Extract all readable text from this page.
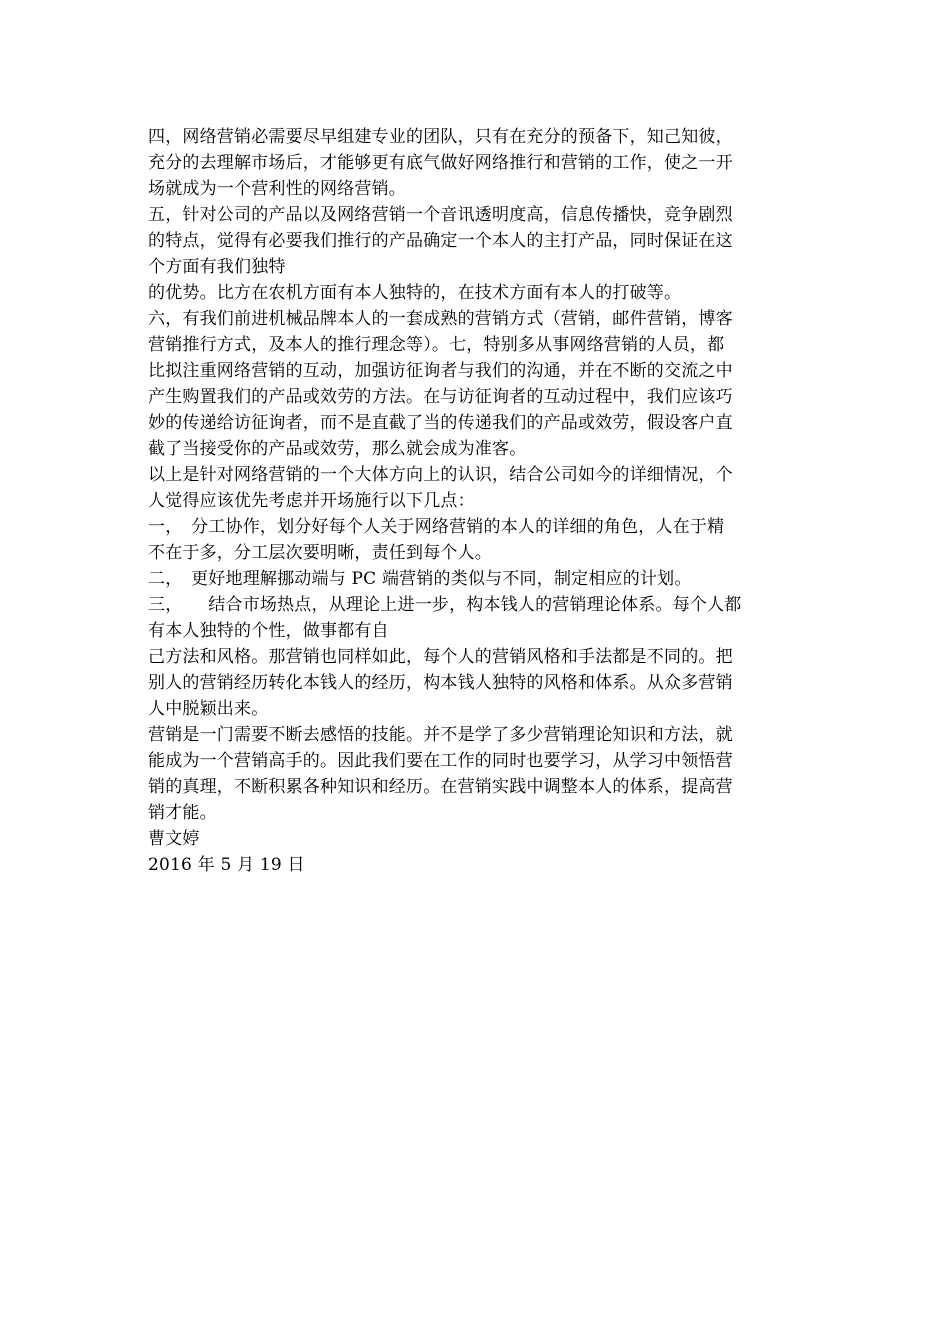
四，网络营销必需要尽早组建专业的团队，只有在充分的预备下，知己知彼，
充分的去理解市场后，才能够更有底气做好网络推行和营销的工作，使之一开
场就成为一个营利性的网络营销。
五，针对公司的产品以及网络营销一个音讯透明度高，信息传播快，竞争剧烈
的特点，觉得有必要我们推行的产品确定一个本人的主打产品，同时保证在这
个方面有我们独特
的优势。比方在农机方面有本人独特的，在技术方面有本人的打破等。
六，有我们前进机械品牌本人的一套成熟的营销方式（营销，邮件营销，博客
营销推行方式，及本人的推行理念等）。七，特别多从事网络营销的人员，都
比拟注重网络营销的互动，加强访征询者与我们的沟通，并在不断的交流之中
产生购置我们的产品或效劳的方法。在与访征询者的互动过程中，我们应该巧
妙的传递给访征询者，而不是直截了当的传递我们的产品或效劳，假设客户直
截了当接受你的产品或效劳，那么就会成为准客。
以上是针对网络营销的一个大体方向上的认识，结合公司如今的详细情况，个
人觉得应该优先考虑并开场施行以下几点：
一，　分工协作，划分好每个人关于网络营销的本人的详细的角色，人在于精
不在于多，分工层次要明晰，责任到每个人。
二，　更好地理解挪动端与 PC 端营销的类似与不同，制定相应的计划。
三，　　结合市场热点，从理论上进一步，构本钱人的营销理论体系。每个人都
有本人独特的个性，做事都有自
己方法和风格。那营销也同样如此，每个人的营销风格和手法都是不同的。把
别人的营销经历转化本钱人的经历，构本钱人独特的风格和体系。从众多营销
人中脱颖出来。
营销是一门需要不断去感悟的技能。并不是学了多少营销理论知识和方法，就
能成为一个营销高手的。因此我们要在工作的同时也要学习，从学习中领悟营
销的真理，不断积累各种知识和经历。在营销实践中调整本人的体系，提高营
销才能。
曹文婷
2016 年 5 月 19 日
